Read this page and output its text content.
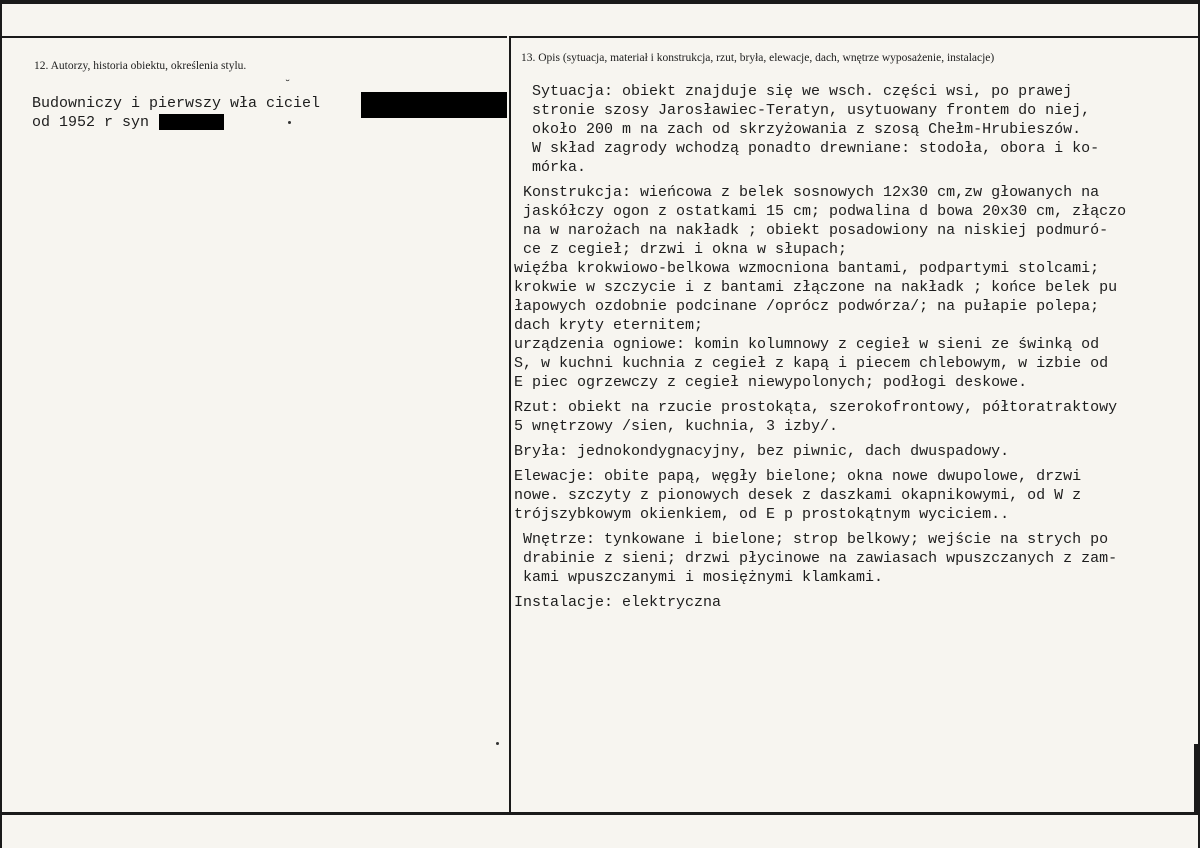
12. Autorzy, historia obiektu, określenia stylu.
Budowniczy i pierwszy wła ciciel
od 1952 r syn
˘
13. Opis (sytuacja, materiał i konstrukcja, rzut, bryła, elewacje, dach, wnętrze wyposażenie, instalacje)
Sytuacja: obiekt znajduje się we wsch. części wsi, po prawej
stronie szosy Jarosławiec-Teratyn, usytuowany frontem do niej,
około 200 m na zach od skrzyżowania z szosą Chełm-Hrubieszów.
W skład zagrody wchodzą ponadto drewniane: stodoła, obora i ko-
mórka.
Konstrukcja: wieńcowa z belek sosnowych 12x30 cm,zw głowanych na
jaskółczy ogon z ostatkami 15 cm; podwalina d bowa 20x30 cm, złączo
na w narożach na nakładk ; obiekt posadowiony na niskiej podmuró-
ce z cegieł; drzwi i okna w słupach;
więźba krokwiowo-belkowa wzmocniona bantami, podpartymi stolcami;
krokwie w szczycie i z bantami złączone na nakładk ; końce belek pu
łapowych ozdobnie podcinane /oprócz podwórza/; na pułapie polepa;
dach kryty eternitem;
urządzenia ogniowe: komin kolumnowy z cegieł w sieni ze świnką od
S, w kuchni kuchnia z cegieł z kapą i piecem chlebowym, w izbie od
E piec ogrzewczy z cegieł niewypolonych; podłogi deskowe.
Rzut: obiekt na rzucie prostokąta, szerokofrontowy, półtoratraktowy
5 wnętrzowy /sien, kuchnia, 3 izby/.
Bryła: jednokondygnacyjny, bez piwnic, dach dwuspadowy.
Elewacje: obite papą, węgły bielone; okna nowe dwupolowe, drzwi
nowe. szczyty z pionowych desek z daszkami okapnikowymi, od W z
trójszybkowym okienkiem, od E p prostokątnym wyciciem..
Wnętrze: tynkowane i bielone; strop belkowy; wejście na strych po
drabinie z sieni; drzwi płycinowe na zawiasach wpuszczanych z zam-
kami wpuszczanymi i mosiężnymi klamkami.
Instalacje: elektryczna
